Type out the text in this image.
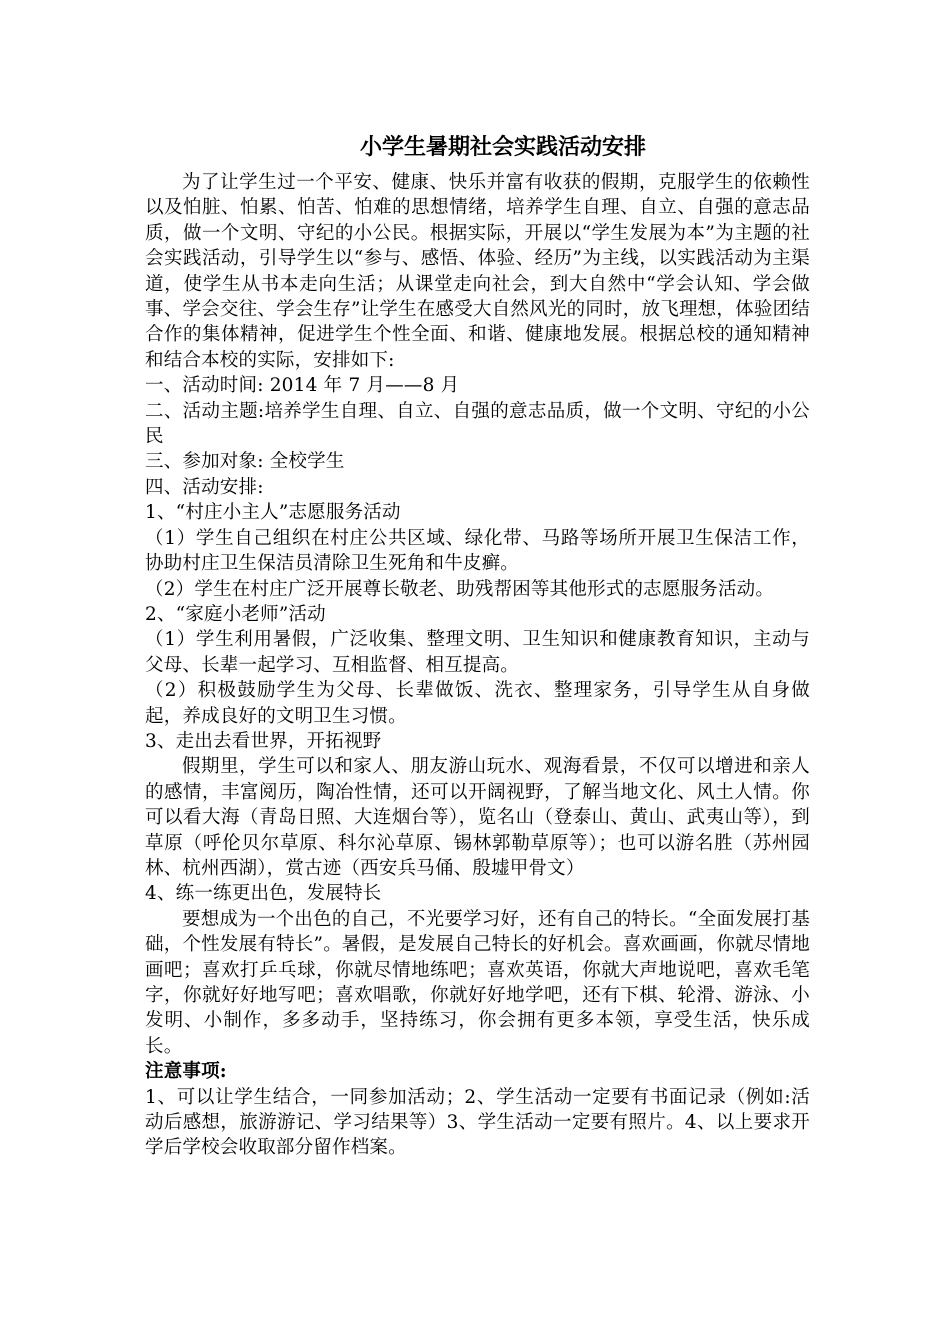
小学生暑期社会实践活动安排

为了让学生过一个平安、健康、快乐并富有收获的假期，克服学生的依赖性以及怕脏、怕累、怕苦、怕难的思想情绪，培养学生自理、自立、自强的意志品质，做一个文明、守纪的小公民。根据实际，开展以“学生发展为本”为主题的社会实践活动，引导学生以“参与、感悟、体验、经历”为主线，以实践活动为主渠道，使学生从书本走向生活；从课堂走向社会，到大自然中“学会认知、学会做事、学会交往、学会生存”让学生在感受大自然风光的同时，放飞理想，体验团结合作的集体精神，促进学生个性全面、和谐、健康地发展。根据总校的通知精神和结合本校的实际，安排如下:

一、活动时间: 2014 年 7 月——8 月

二、活动主题:培养学生自理、自立、自强的意志品质，做一个文明、守纪的小公民

三、参加对象: 全校学生

四、活动安排:

1、“村庄小主人”志愿服务活动

（1）学生自己组织在村庄公共区域、绿化带、马路等场所开展卫生保洁工作，协助村庄卫生保洁员清除卫生死角和牛皮癣。

（2）学生在村庄广泛开展尊长敬老、助残帮困等其他形式的志愿服务活动。

2、“家庭小老师”活动

（1）学生利用暑假，广泛收集、整理文明、卫生知识和健康教育知识，主动与父母、长辈一起学习、互相监督、相互提高。

（2）积极鼓励学生为父母、长辈做饭、洗衣、整理家务，引导学生从自身做起，养成良好的文明卫生习惯。

3、走出去看世界，开拓视野

假期里，学生可以和家人、朋友游山玩水、观海看景，不仅可以增进和亲人的感情，丰富阅历，陶冶性情，还可以开阔视野，了解当地文化、风土人情。你可以看大海（青岛日照、大连烟台等），览名山（登泰山、黄山、武夷山等），到草原（呼伦贝尔草原、科尔沁草原、锡林郭勒草原等）；也可以游名胜（苏州园林、杭州西湖），赏古迹（西安兵马俑、殷墟甲骨文）

4、练一练更出色，发展特长

要想成为一个出色的自己，不光要学习好，还有自己的特长。“全面发展打基础，个性发展有特长”。暑假，是发展自己特长的好机会。喜欢画画，你就尽情地画吧；喜欢打乒乓球，你就尽情地练吧；喜欢英语，你就大声地说吧，喜欢毛笔字，你就好好地写吧；喜欢唱歌，你就好好地学吧，还有下棋、轮滑、游泳、小发明、小制作，多多动手，坚持练习，你会拥有更多本领，享受生活，快乐成长。

注意事项:

1、可以让学生结合，一同参加活动；2、学生活动一定要有书面记录（例如:活动后感想，旅游游记、学习结果等）3、学生活动一定要有照片。4、以上要求开学后学校会收取部分留作档案。
